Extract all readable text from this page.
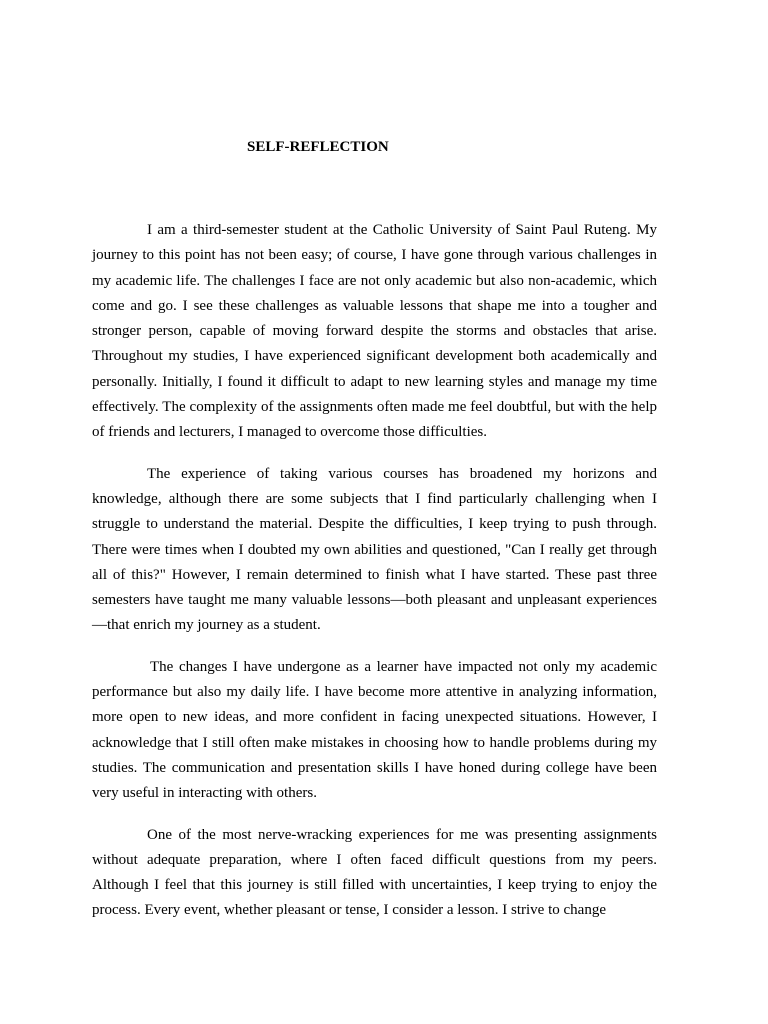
SELF-REFLECTION

I am a third-semester student at the Catholic University of Saint Paul Ruteng. My journey to this point has not been easy; of course, I have gone through various challenges in my academic life. The challenges I face are not only academic but also non-academic, which come and go. I see these challenges as valuable lessons that shape me into a tougher and stronger person, capable of moving forward despite the storms and obstacles that arise. Throughout my studies, I have experienced significant development both academically and personally. Initially, I found it difficult to adapt to new learning styles and manage my time effectively. The complexity of the assignments often made me feel doubtful, but with the help of friends and lecturers, I managed to overcome those difficulties.

The experience of taking various courses has broadened my horizons and knowledge, although there are some subjects that I find particularly challenging when I struggle to understand the material. Despite the difficulties, I keep trying to push through. There were times when I doubted my own abilities and questioned, "Can I really get through all of this?" However, I remain determined to finish what I have started. These past three semesters have taught me many valuable lessons—both pleasant and unpleasant experiences—that enrich my journey as a student.

The changes I have undergone as a learner have impacted not only my academic performance but also my daily life. I have become more attentive in analyzing information, more open to new ideas, and more confident in facing unexpected situations. However, I acknowledge that I still often make mistakes in choosing how to handle problems during my studies. The communication and presentation skills I have honed during college have been very useful in interacting with others.

One of the most nerve-wracking experiences for me was presenting assignments without adequate preparation, where I often faced difficult questions from my peers. Although I feel that this journey is still filled with uncertainties, I keep trying to enjoy the process. Every event, whether pleasant or tense, I consider a lesson. I strive to change
